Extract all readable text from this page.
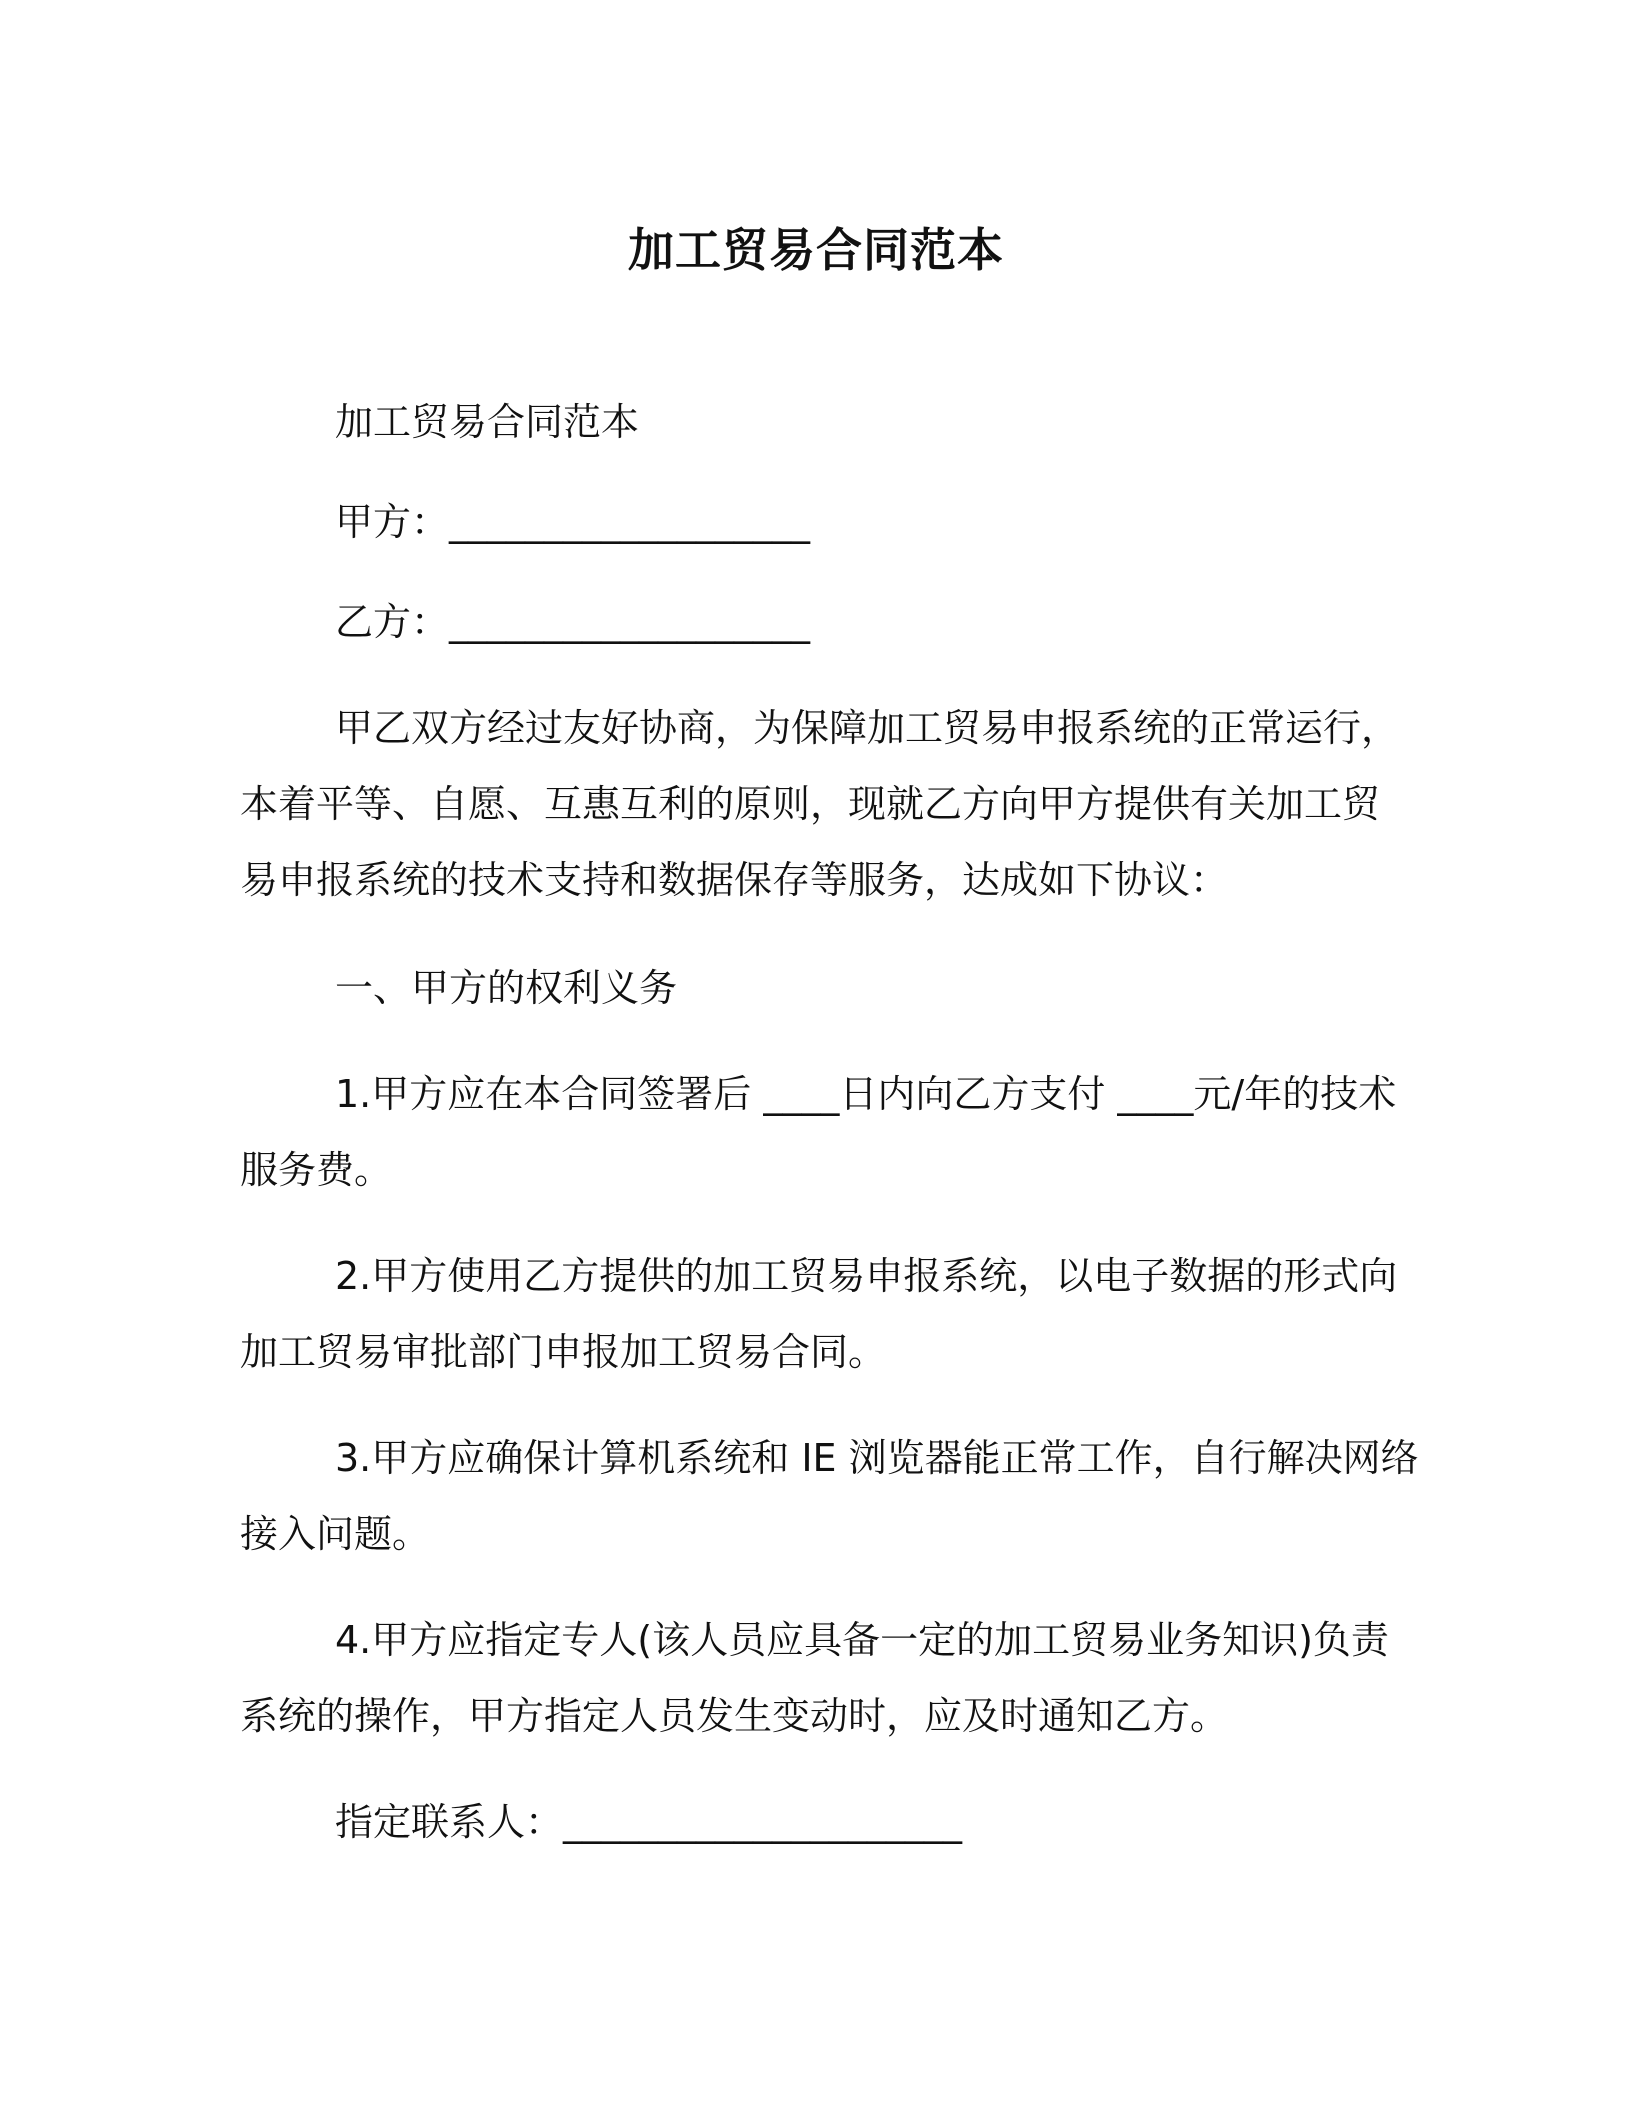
加工贸易合同范本
加工贸易合同范本
甲方：___________________
乙方：___________________
甲乙双方经过友好协商，为保障加工贸易申报系统的正常运行，
本着平等、自愿、互惠互利的原则，现就乙方向甲方提供有关加工贸
易申报系统的技术支持和数据保存等服务，达成如下协议：
一、甲方的权利义务
1.甲方应在本合同签署后 ____日内向乙方支付 ____元/年的技术
服务费。
2.甲方使用乙方提供的加工贸易申报系统，以电子数据的形式向
加工贸易审批部门申报加工贸易合同。
3.甲方应确保计算机系统和 IE 浏览器能正常工作，自行解决网络
接入问题。
4.甲方应指定专人(该人员应具备一定的加工贸易业务知识)负责
系统的操作，甲方指定人员发生变动时，应及时通知乙方。
指定联系人：_____________________
